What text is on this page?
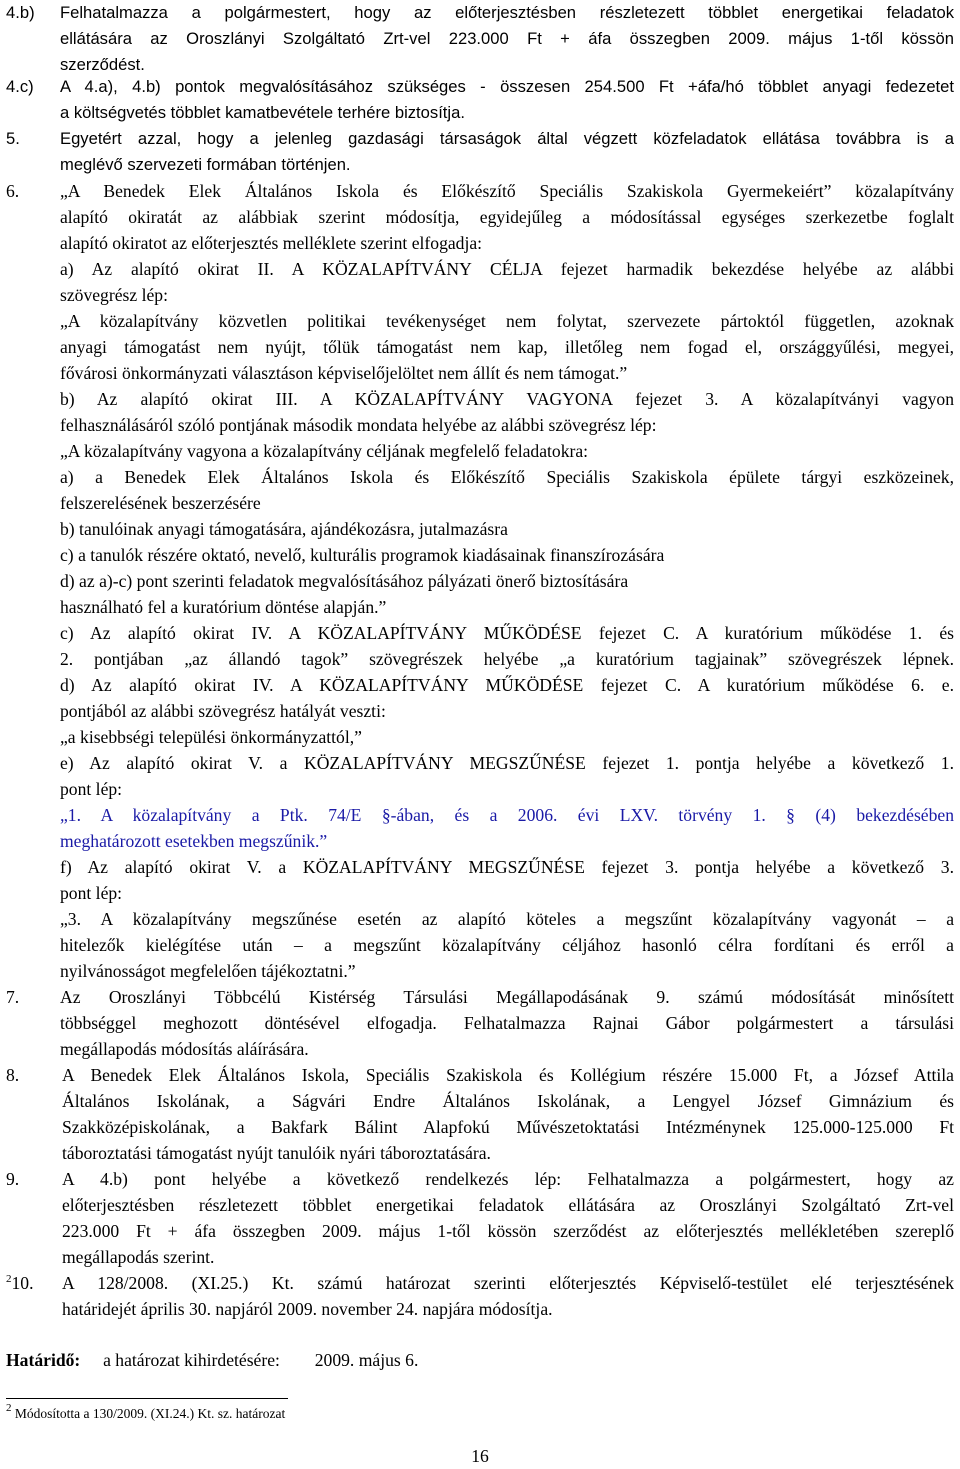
4.b) Felhatalmazza a polgármestert, hogy az előterjesztésben részletezett többlet energetikai feladatok
ellátására az Oroszlányi Szolgáltató Zrt-vel 223.000 Ft + áfa összegben 2009. május 1-től kössön
szerződést.
4.c) A 4.a), 4.b) pontok megvalósításához szükséges - összesen 254.500 Ft +áfa/hó többlet anyagi fedezetet
a költségvetés többlet kamatbevétele terhére biztosítja.
5. Egyetért azzal, hogy a jelenleg gazdasági társaságok által végzett közfeladatok ellátása továbbra is a
meglévő szervezeti formában történjen.
6. „A Benedek Elek Általános Iskola és Előkészítő Speciális Szakiskola Gyermekeiért” közalapítvány
alapító okiratát az alábbiak szerint módosítja, egyidejűleg a módosítással egységes szerkezetbe foglalt
alapító okiratot az előterjesztés melléklete szerint elfogadja:
a) Az alapító okirat II. A KÖZALAPÍTVÁNY CÉLJA fejezet harmadik bekezdése helyébe az alábbi
szövegrész lép:
„A közalapítvány közvetlen politikai tevékenységet nem folytat, szervezete pártoktól független, azoknak
anyagi támogatást nem nyújt, tőlük támogatást nem kap, illetőleg nem fogad el, országgyűlési, megyei,
fővárosi önkormányzati választáson képviselőjelöltet nem állít és nem támogat.”
b) Az alapító okirat III. A KÖZALAPÍTVÁNY VAGYONA fejezet 3. A közalapítványi vagyon
felhasználásáról szóló pontjának második mondata helyébe az alábbi szövegrész lép:
„A közalapítvány vagyona a közalapítvány céljának megfelelő feladatokra:
a) a Benedek Elek Általános Iskola és Előkészítő Speciális Szakiskola épülete tárgyi eszközeinek,
felszerelésének beszerzésére
b) tanulóinak anyagi támogatására, ajándékozásra, jutalmazásra
c) a tanulók részére oktató, nevelő, kulturális programok kiadásainak finanszírozására
d) az a)-c) pont szerinti feladatok megvalósításához pályázati önerő biztosítására
használható fel a kuratórium döntése alapján.”
c) Az alapító okirat IV. A KÖZALAPÍTVÁNY MŰKÖDÉSE fejezet C. A kuratórium működése 1. és
2. pontjában „az állandó tagok” szövegrészek helyébe „a kuratórium tagjainak” szövegrészek lépnek.
d) Az alapító okirat IV. A KÖZALAPÍTVÁNY MŰKÖDÉSE fejezet C. A kuratórium működése 6. e.
pontjából az alábbi szövegrész hatályát veszti:
„a kisebbségi települési önkormányzattól,”
e) Az alapító okirat V. a KÖZALAPÍTVÁNY MEGSZŰNÉSE fejezet 1. pontja helyébe a következő 1.
pont lép:
„1. A közalapítvány a Ptk. 74/E §-ában, és a 2006. évi LXV. törvény 1. § (4) bekezdésében
meghatározott esetekben megszűnik.”
f) Az alapító okirat V. a KÖZALAPÍTVÁNY MEGSZŰNÉSE fejezet 3. pontja helyébe a következő 3.
pont lép:
„3. A közalapítvány megszűnése esetén az alapító köteles a megszűnt közalapítvány vagyonát – a
hitelezők kielégítése után – a megszűnt közalapítvány céljához hasonló célra fordítani és erről a
nyilvánosságot megfelelően tájékoztatni.”
7. Az Oroszlányi Többcélú Kistérség Társulási Megállapodásának 9. számú módosítását minősített
többséggel meghozott döntésével elfogadja. Felhatalmazza Rajnai Gábor polgármestert a társulási
megállapodás módosítás aláírására.
8. A Benedek Elek Általános Iskola, Speciális Szakiskola és Kollégium részére 15.000 Ft, a József Attila
Általános Iskolának, a Ságvári Endre Általános Iskolának, a Lengyel József Gimnázium és
Szakközépiskolának, a Bakfark Bálint Alapfokú Művészetoktatási Intézménynek 125.000-125.000 Ft
táboroztatási támogatást nyújt tanulóik nyári táboroztatására.
9. A 4.b) pont helyébe a következő rendelkezés lép: Felhatalmazza a polgármestert, hogy az
előterjesztésben részletezett többlet energetikai feladatok ellátására az Oroszlányi Szolgáltató Zrt-vel
223.000 Ft + áfa összegben 2009. május 1-től kössön szerződést az előterjesztés mellékletében szereplő
megállapodás szerint.
$^2$10. A 128/2008. (XI.25.) Kt. számú határozat szerinti előterjesztés Képviselő-testület elé terjesztésének
határidejét április 30. napjáról 2009. november 24. napjára módosítja.
Határidő: a határozat kihirdetésére: 2009. május 6.
$^2$ Módosította a 130/2009. (XI.24.) Kt. sz. határozat
16
